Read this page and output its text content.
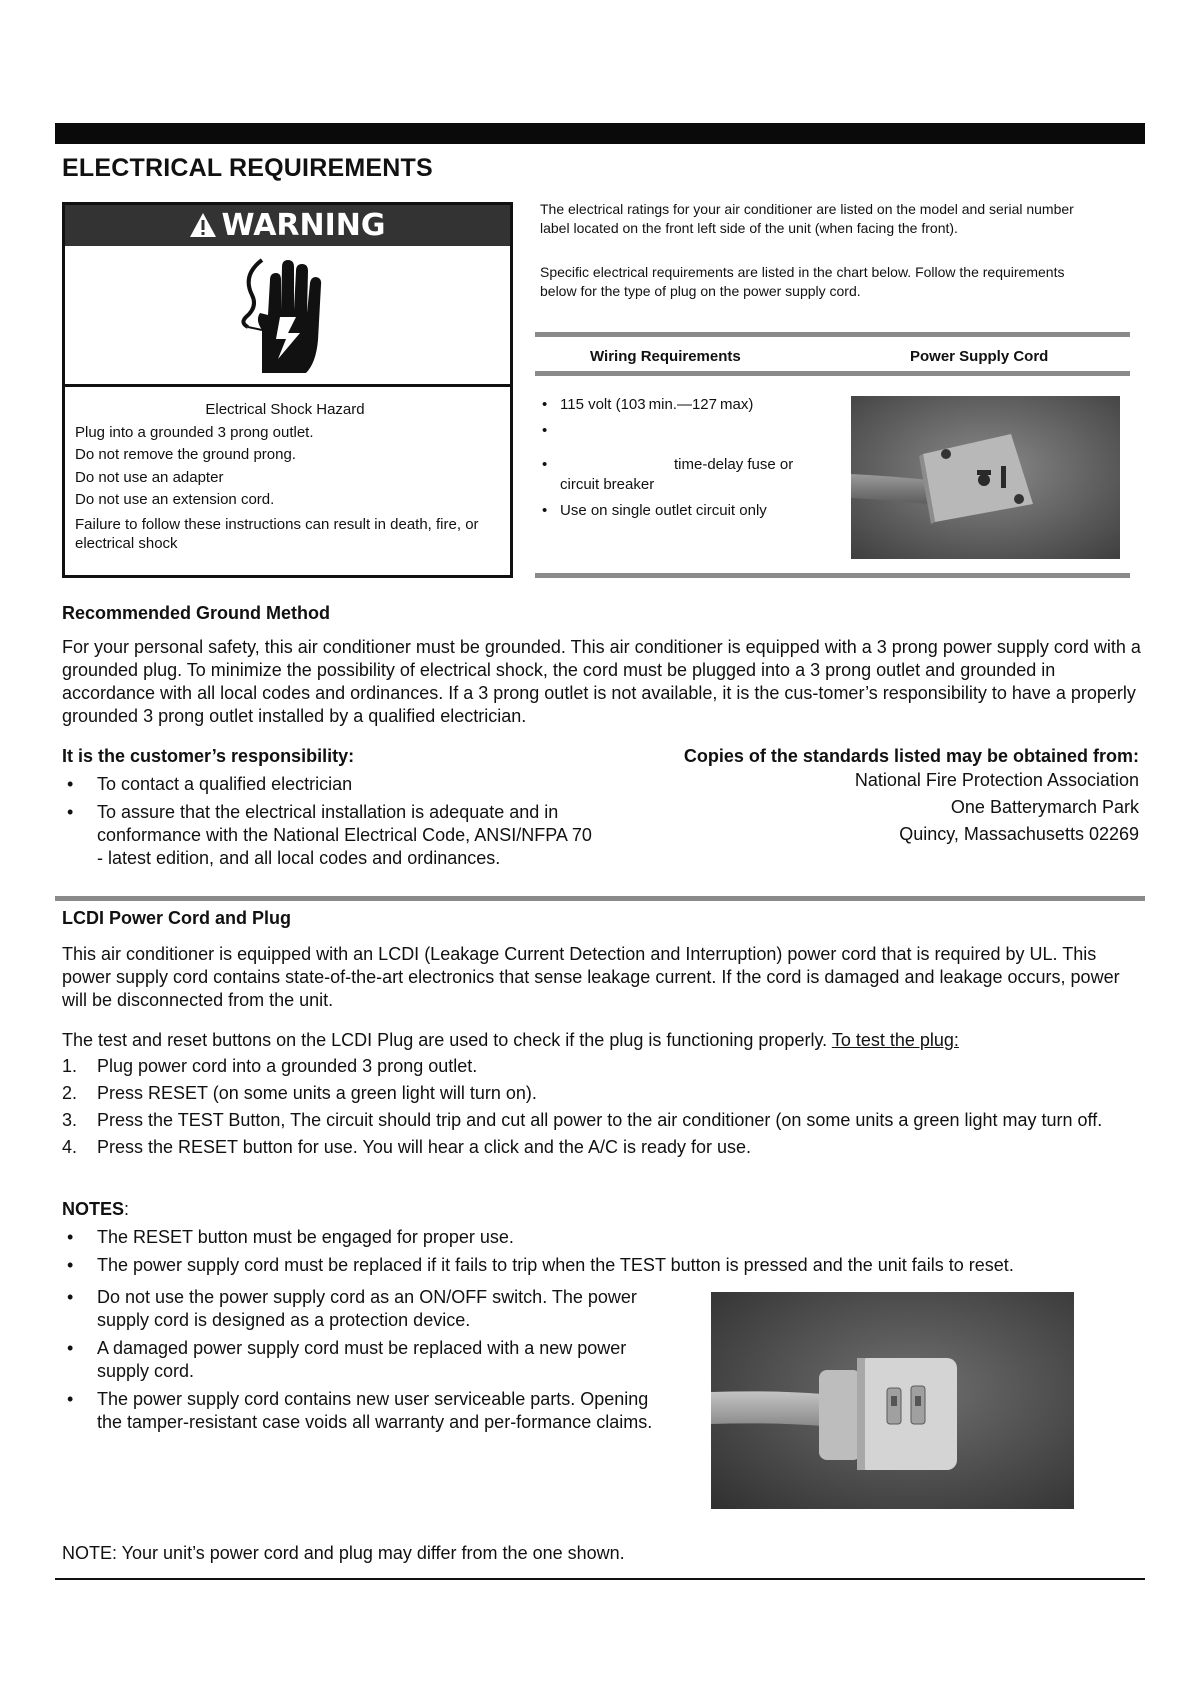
ELECTRICAL REQUIREMENTS
WARNING
Electrical Shock Hazard
Plug into a grounded 3 prong outlet.
Do not remove the ground prong.
Do not use an adapter
Do not use an extension cord.
Failure to follow these instructions can result in death, fire, or electrical shock
The electrical ratings for your air conditioner are listed on the model and serial number label located on the front left side of the unit (when facing the front).
Specific electrical requirements are listed in the chart below. Follow the requirements below for the type of plug on the power supply cord.
Wiring Requirements	Power Supply Cord
• 115 volt (103 min.—127 max)
•
• time-delay fuse or circuit breaker
• Use on single outlet circuit only
Recommended Ground Method
For your personal safety, this air conditioner must be grounded. This air conditioner is equipped with a 3 prong power supply cord with a grounded plug. To minimize the possibility of electrical shock, the cord must be plugged into a 3 prong outlet and grounded in accordance with all local codes and ordinances. If a 3 prong outlet is not available, it is the cus-tomer’s responsibility to have a properly grounded 3 prong outlet installed by a qualified electrician.
It is the customer’s responsibility:
• To contact a qualified electrician
• To assure that the electrical installation is adequate and in conformance with the National Electrical Code, ANSI/NFPA 70 - latest edition, and all local codes and ordinances.
Copies of the standards listed may be obtained from:
National Fire Protection Association
One Batterymarch Park
Quincy, Massachusetts 02269
LCDI Power Cord and Plug
This air conditioner is equipped with an LCDI (Leakage Current Detection and Interruption) power cord that is required by UL. This power supply cord contains state-of-the-art electronics that sense leakage current. If the cord is damaged and leakage occurs, power will be disconnected from the unit.
The test and reset buttons on the LCDI Plug are used to check if the plug is functioning properly. To test the plug:
1. Plug power cord into a grounded 3 prong outlet.
2. Press RESET (on some units a green light will turn on).
3. Press the TEST Button, The circuit should trip and cut all power to the air conditioner (on some units a green light may turn off.
4. Press the RESET button for use. You will hear a click and the A/C is ready for use.
NOTES:
• The RESET button must be engaged for proper use.
• The power supply cord must be replaced if it fails to trip when the TEST button is pressed and the unit fails to reset.
• Do not use the power supply cord as an ON/OFF switch. The power supply cord is designed as a protection device.
• A damaged power supply cord must be replaced with a new power supply cord.
• The power supply cord contains new user serviceable parts. Opening the tamper-resistant case voids all warranty and per-formance claims.
NOTE: Your unit’s power cord and plug may differ from the one shown.
